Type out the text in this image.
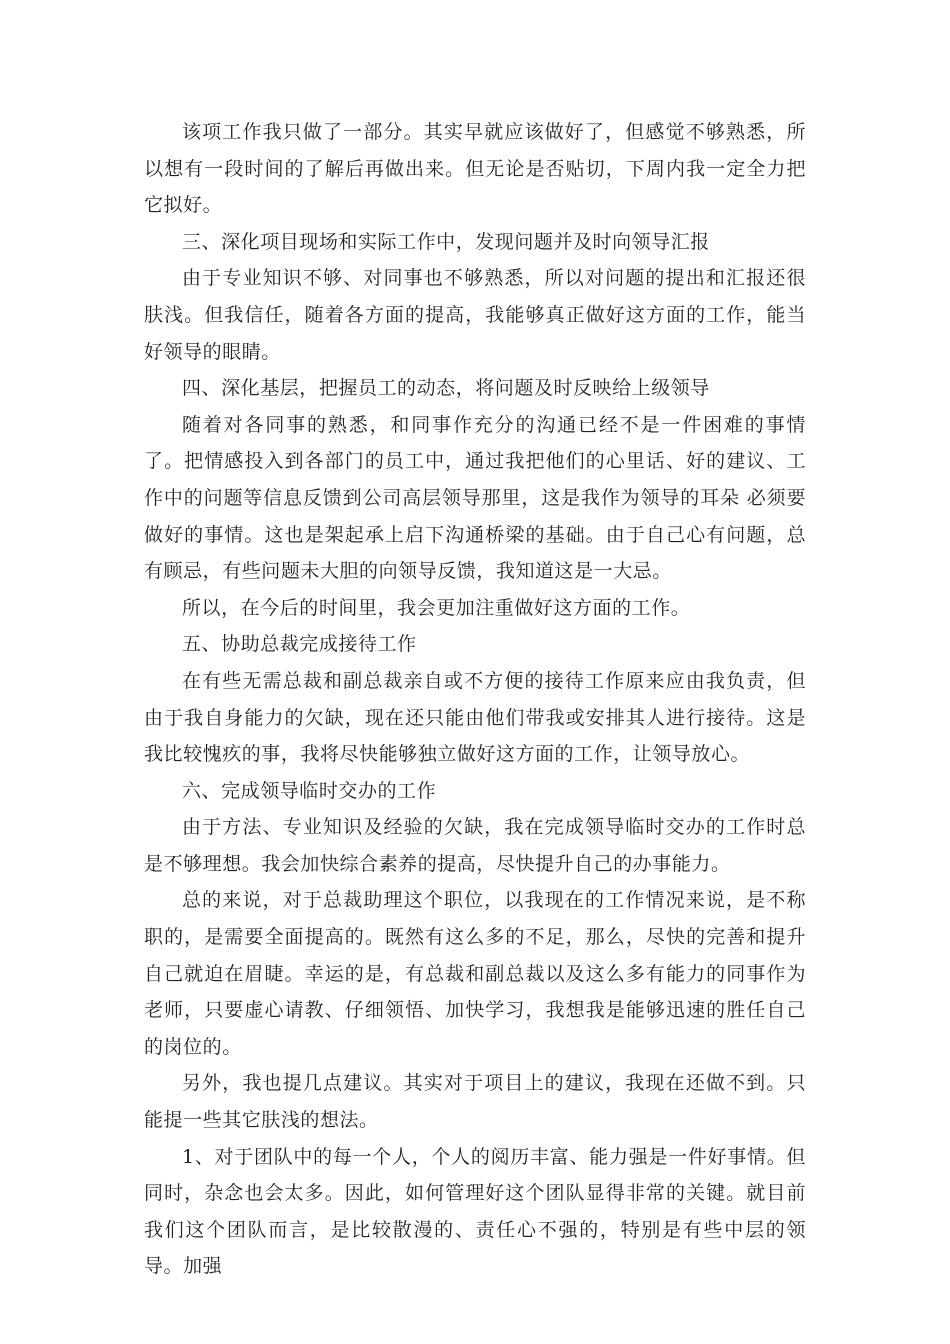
该项工作我只做了一部分。其实早就应该做好了，但感觉不够熟悉，所以想有一段时间的了解后再做出来。但无论是否贴切，下周内我一定全力把它拟好。

三、深化项目现场和实际工作中，发现问题并及时向领导汇报

由于专业知识不够、对同事也不够熟悉，所以对问题的提出和汇报还很肤浅。但我信任，随着各方面的提高，我能够真正做好这方面的工作，能当好领导的眼睛。

四、深化基层，把握员工的动态，将问题及时反映给上级领导

随着对各同事的熟悉，和同事作充分的沟通已经不是一件困难的事情了。把情感投入到各部门的员工中，通过我把他们的心里话、好的建议、工作中的问题等信息反馈到公司高层领导那里，这是我作为领导的耳朵 必须要做好的事情。这也是架起承上启下沟通桥梁的基础。由于自己心有问题，总有顾忌，有些问题未大胆的向领导反馈，我知道这是一大忌。

所以，在今后的时间里，我会更加注重做好这方面的工作。

五、协助总裁完成接待工作

在有些无需总裁和副总裁亲自或不方便的接待工作原来应由我负责，但由于我自身能力的欠缺，现在还只能由他们带我或安排其人进行接待。这是我比较愧疚的事，我将尽快能够独立做好这方面的工作，让领导放心。

六、完成领导临时交办的工作

由于方法、专业知识及经验的欠缺，我在完成领导临时交办的工作时总是不够理想。我会加快综合素养的提高，尽快提升自己的办事能力。

总的来说，对于总裁助理这个职位，以我现在的工作情况来说，是不称职的，是需要全面提高的。既然有这么多的不足，那么，尽快的完善和提升自己就迫在眉睫。幸运的是，有总裁和副总裁以及这么多有能力的同事作为老师，只要虚心请教、仔细领悟、加快学习，我想我是能够迅速的胜任自己的岗位的。

另外，我也提几点建议。其实对于项目上的建议，我现在还做不到。只能提一些其它肤浅的想法。

1、对于团队中的每一个人，个人的阅历丰富、能力强是一件好事情。但同时，杂念也会太多。因此，如何管理好这个团队显得非常的关键。就目前我们这个团队而言，是比较散漫的、责任心不强的，特别是有些中层的领导。加强
